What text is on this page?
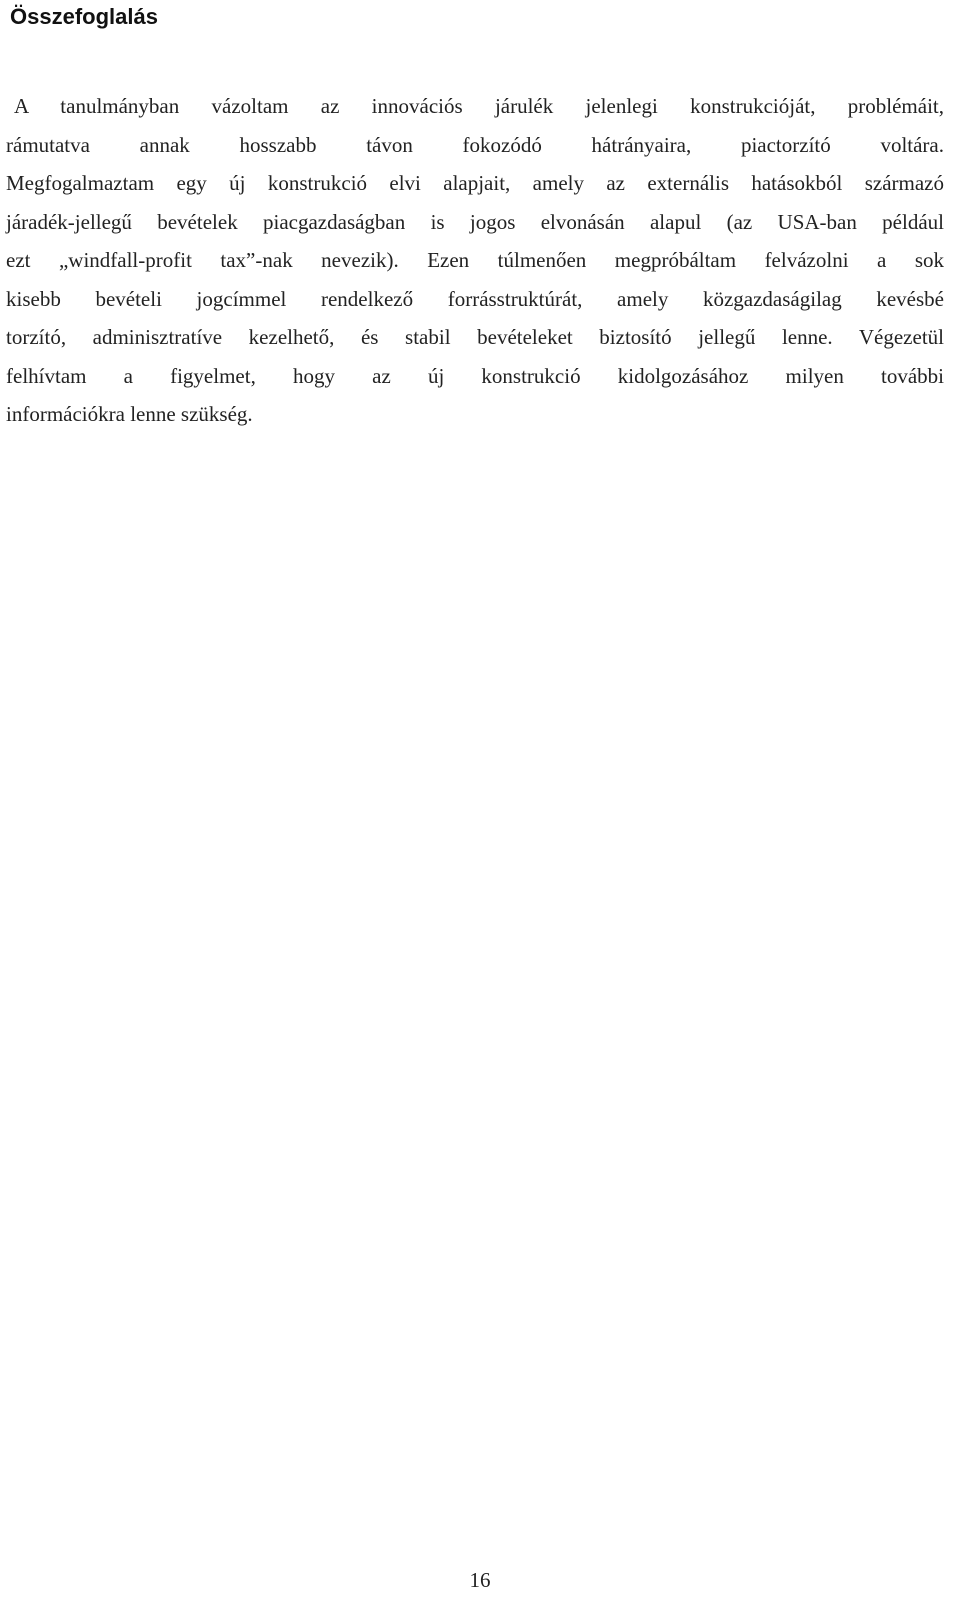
Összefoglalás
A tanulmányban vázoltam az innovációs járulék jelenlegi konstrukcióját, problémáit,
rámutatva annak hosszabb távon fokozódó hátrányaira, piactorzító voltára.
Megfogalmaztam egy új konstrukció elvi alapjait, amely az externális hatásokból származó
járadék-jellegű bevételek piacgazdaságban is jogos elvonásán alapul (az USA-ban például
ezt „windfall-profit tax”-nak nevezik). Ezen túlmenően megpróbáltam felvázolni a sok
kisebb bevételi jogcímmel rendelkező forrásstruktúrát, amely közgazdaságilag kevésbé
torzító, adminisztratíve kezelhető, és stabil bevételeket biztosító jellegű lenne. Végezetül
felhívtam a figyelmet, hogy az új konstrukció kidolgozásához milyen további
információkra lenne szükség.
16
